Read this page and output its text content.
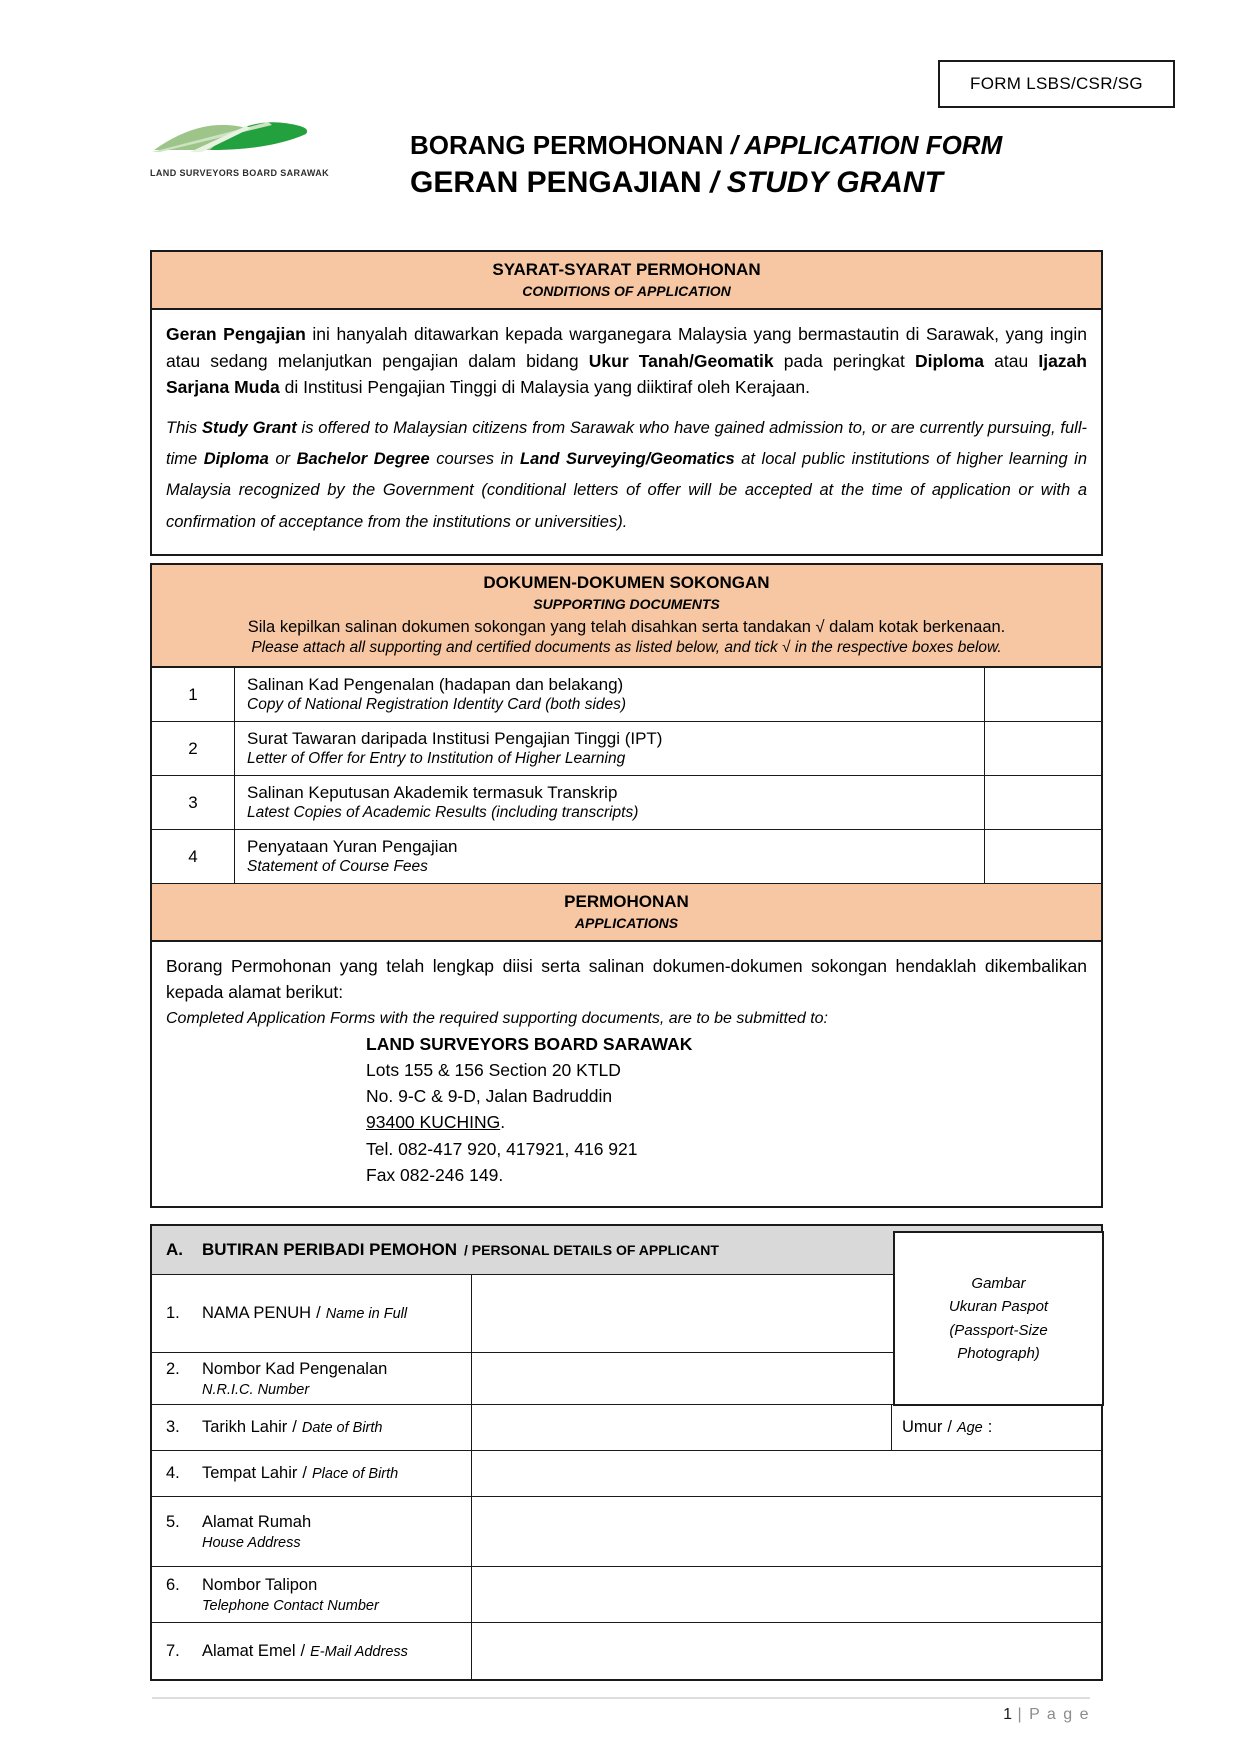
FORM LSBS/CSR/SG
LAND SURVEYORS BOARD SARAWAK
BORANG PERMOHONAN / APPLICATION FORM
GERAN PENGAJIAN / STUDY GRANT
SYARAT-SYARAT PERMOHONAN
CONDITIONS OF APPLICATION
Geran Pengajian ini hanyalah ditawarkan kepada warganegara Malaysia yang bermastautin di Sarawak, yang ingin atau sedang melanjutkan pengajian dalam bidang Ukur Tanah/Geomatik pada peringkat Diploma atau Ijazah Sarjana Muda di Institusi Pengajian Tinggi di Malaysia yang diiktiraf oleh Kerajaan.
This Study Grant is offered to Malaysian citizens from Sarawak who have gained admission to, or are currently pursuing, full-time Diploma or Bachelor Degree courses in Land Surveying/Geomatics at local public institutions of higher learning in Malaysia recognized by the Government (conditional letters of offer will be accepted at the time of application or with a confirmation of acceptance from the institutions or universities).
DOKUMEN-DOKUMEN SOKONGAN
SUPPORTING DOCUMENTS
Sila kepilkan salinan dokumen sokongan yang telah disahkan serta tandakan √ dalam kotak berkenaan.
Please attach all supporting and certified documents as listed below, and tick √ in the respective boxes below.
1	Salinan Kad Pengenalan (hadapan dan belakang)
Copy of National Registration Identity Card (both sides)
2	Surat Tawaran daripada Institusi Pengajian Tinggi (IPT)
Letter of Offer for Entry to Institution of Higher Learning
3	Salinan Keputusan Akademik termasuk Transkrip
Latest Copies of Academic Results (including transcripts)
4	Penyataan Yuran Pengajian
Statement of Course Fees
PERMOHONAN
APPLICATIONS
Borang Permohonan yang telah lengkap diisi serta salinan dokumen-dokumen sokongan hendaklah dikembalikan kepada alamat berikut:
Completed Application Forms with the required supporting documents, are to be submitted to:
LAND SURVEYORS BOARD SARAWAK
Lots 155 & 156 Section 20 KTLD
No. 9-C & 9-D, Jalan Badruddin
93400 KUCHING.
Tel. 082-417 920, 417921, 416 921
Fax 082-246 149.
A.	BUTIRAN PERIBADI PEMOHON / PERSONAL DETAILS OF APPLICANT
Gambar
Ukuran Paspot
(Passport-Size
Photograph)
1.	NAMA PENUH / Name in Full
2.	Nombor Kad Pengenalan
N.R.I.C. Number
3.	Tarikh Lahir / Date of Birth	Umur / Age :
4.	Tempat Lahir / Place of Birth
5.	Alamat Rumah
House Address
6.	Nombor Talipon
Telephone Contact Number
7.	Alamat Emel / E-Mail Address
1 | P a g e
